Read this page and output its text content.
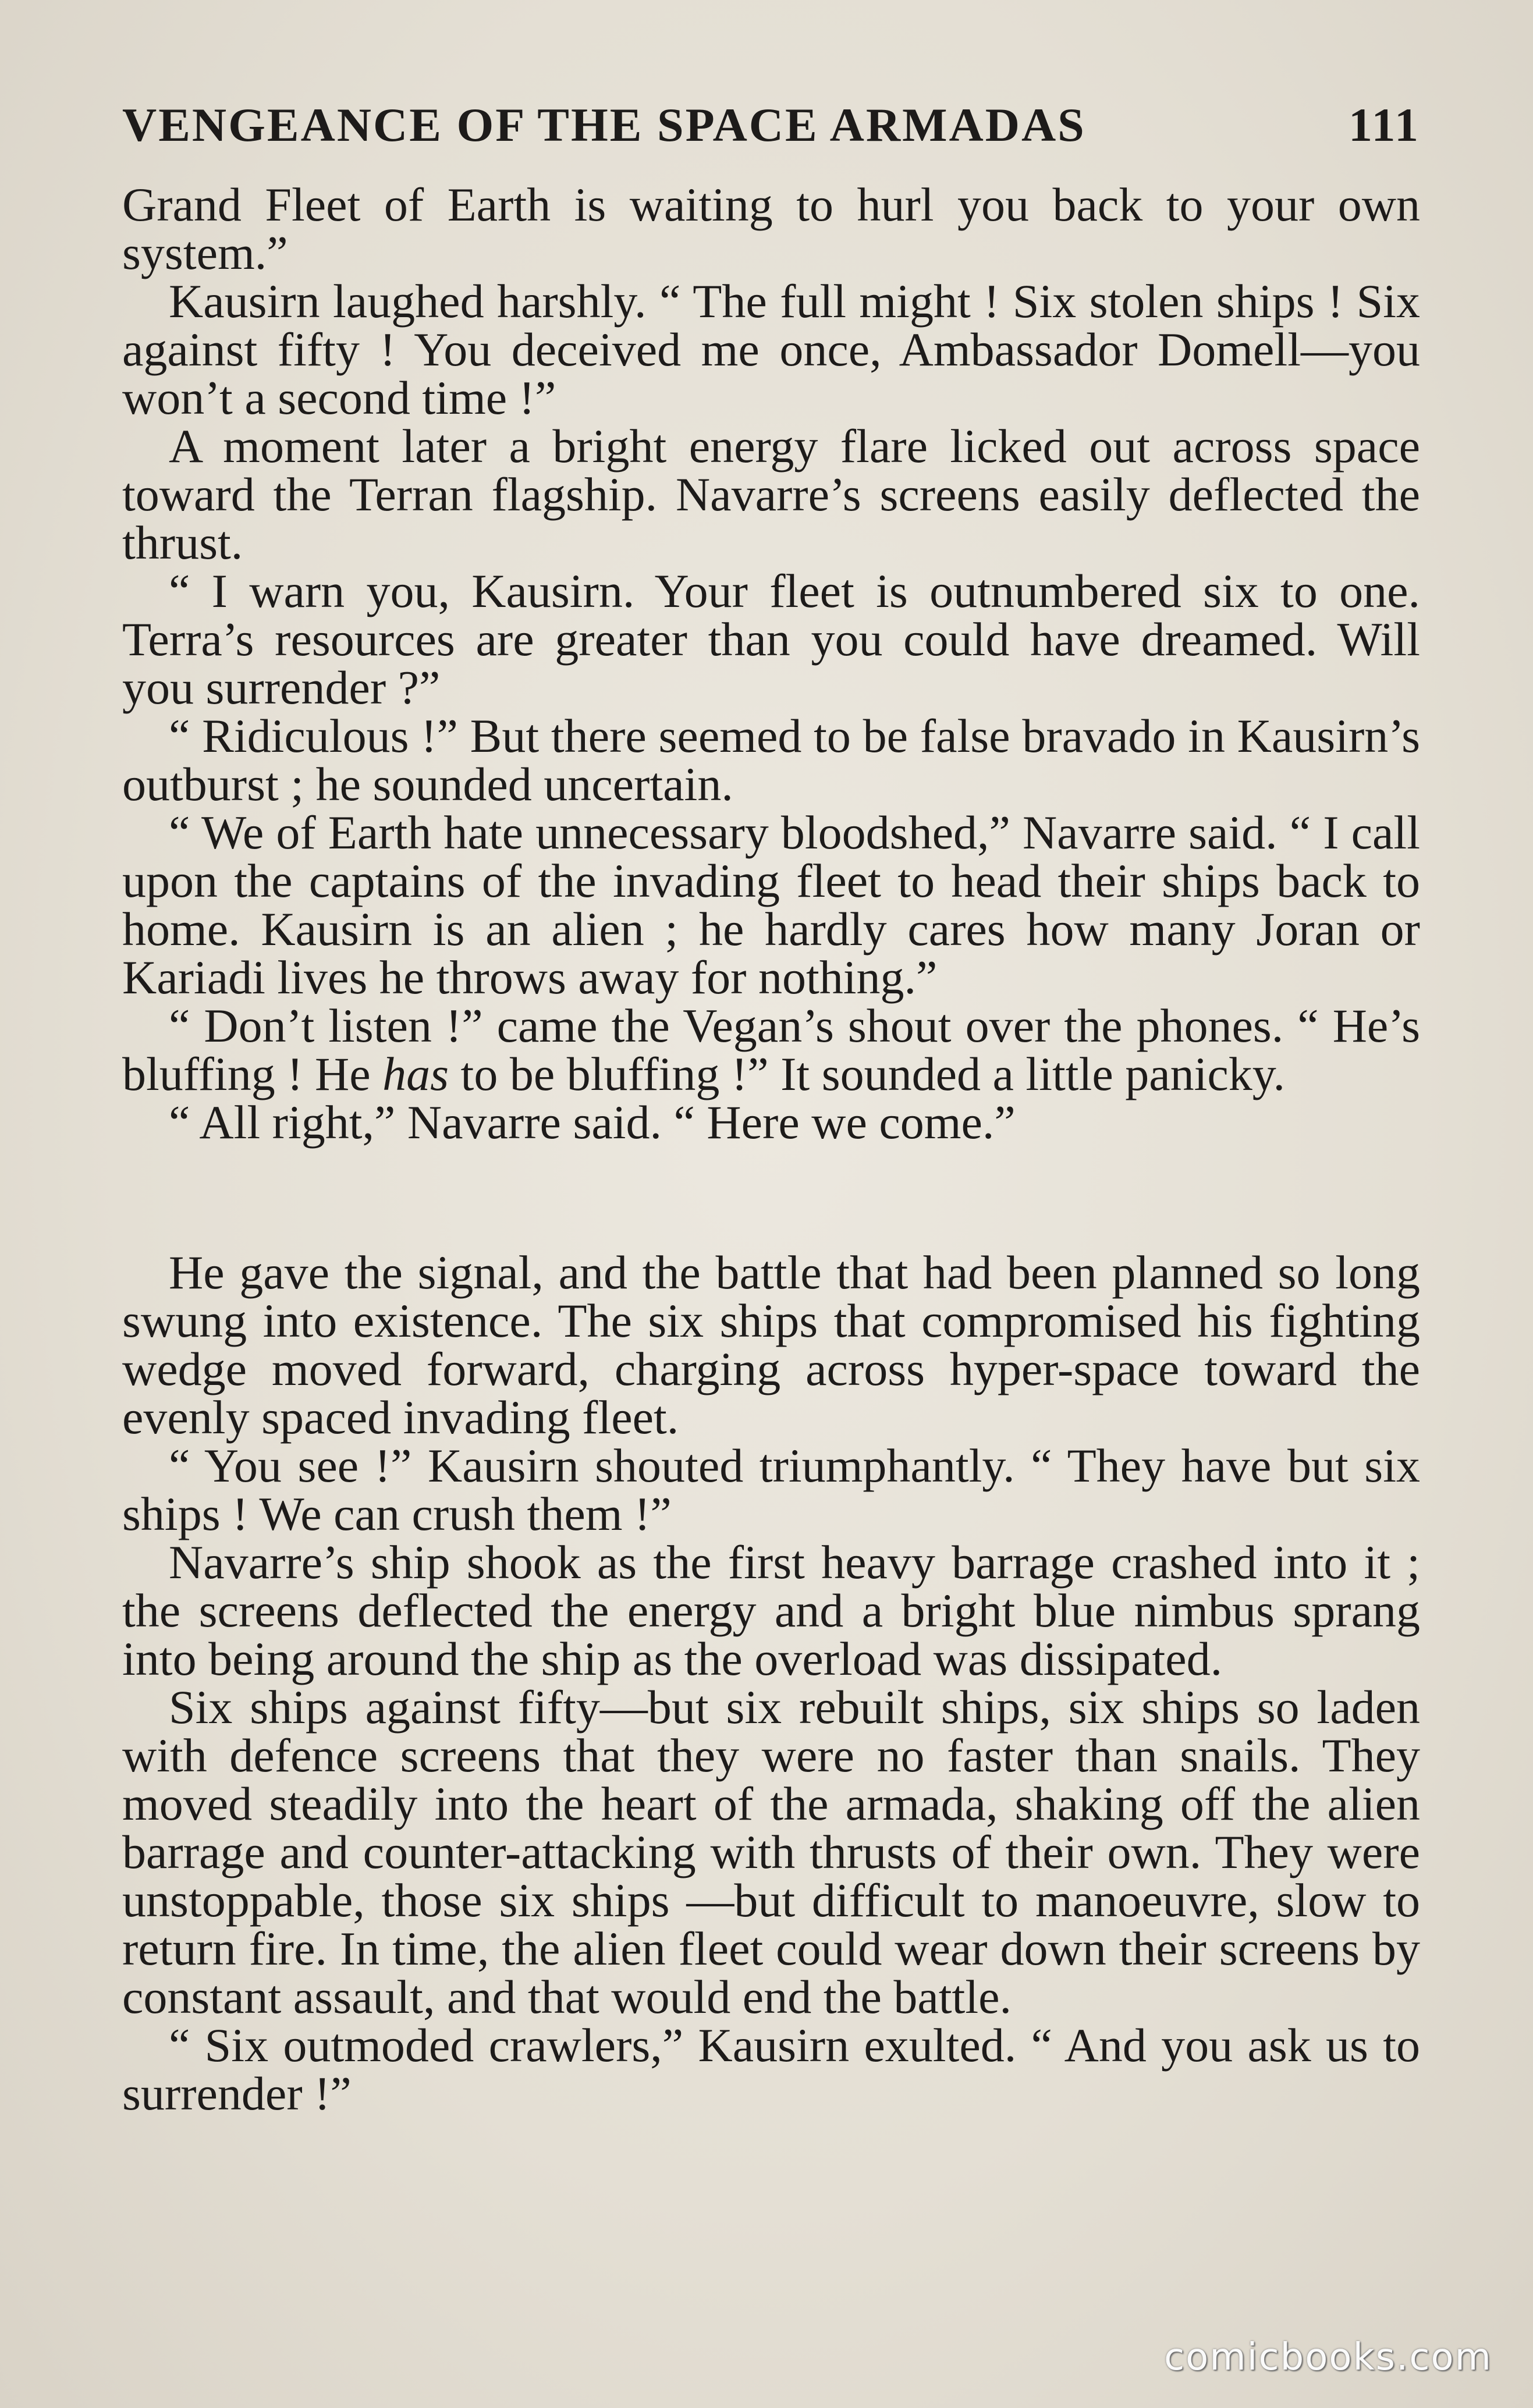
VENGEANCE OF THE SPACE ARMADAS	111

Grand Fleet of Earth is waiting to hurl you back to your own system.”

Kausirn laughed harshly. “ The full might ! Six stolen ships ! Six against fifty ! You deceived me once, Ambassador Domell—you won’t a second time !”

A moment later a bright energy flare licked out across space toward the Terran flagship. Navarre’s screens easily deflected the thrust.

“ I warn you, Kausirn. Your fleet is outnumbered six to one. Terra’s resources are greater than you could have dreamed. Will you surrender ?”

“ Ridiculous !” But there seemed to be false bravado in Kausirn’s outburst ; he sounded uncertain.

“ We of Earth hate unnecessary bloodshed,” Navarre said. “ I call upon the captains of the invading fleet to head their ships back to home. Kausirn is an alien ; he hardly cares how many Joran or Kariadi lives he throws away for nothing.”

“ Don’t listen !” came the Vegan’s shout over the phones. “ He’s bluffing ! He has to be bluffing !” It sounded a little panicky.

“ All right,” Navarre said. “ Here we come.”

He gave the signal, and the battle that had been planned so long swung into existence. The six ships that compromised his fighting wedge moved forward, charging across hyper-space toward the evenly spaced invading fleet.

“ You see !” Kausirn shouted triumphantly. “ They have but six ships ! We can crush them !”

Navarre’s ship shook as the first heavy barrage crashed into it ; the screens deflected the energy and a bright blue nimbus sprang into being around the ship as the overload was dissipated.

Six ships against fifty—but six rebuilt ships, six ships so laden with defence screens that they were no faster than snails. They moved steadily into the heart of the armada, shaking off the alien barrage and counter-attacking with thrusts of their own. They were unstoppable, those six ships —but difficult to manoeuvre, slow to return fire. In time, the alien fleet could wear down their screens by constant assault, and that would end the battle.

“ Six outmoded crawlers,” Kausirn exulted. “ And you ask us to surrender !”

comicbooks.com
